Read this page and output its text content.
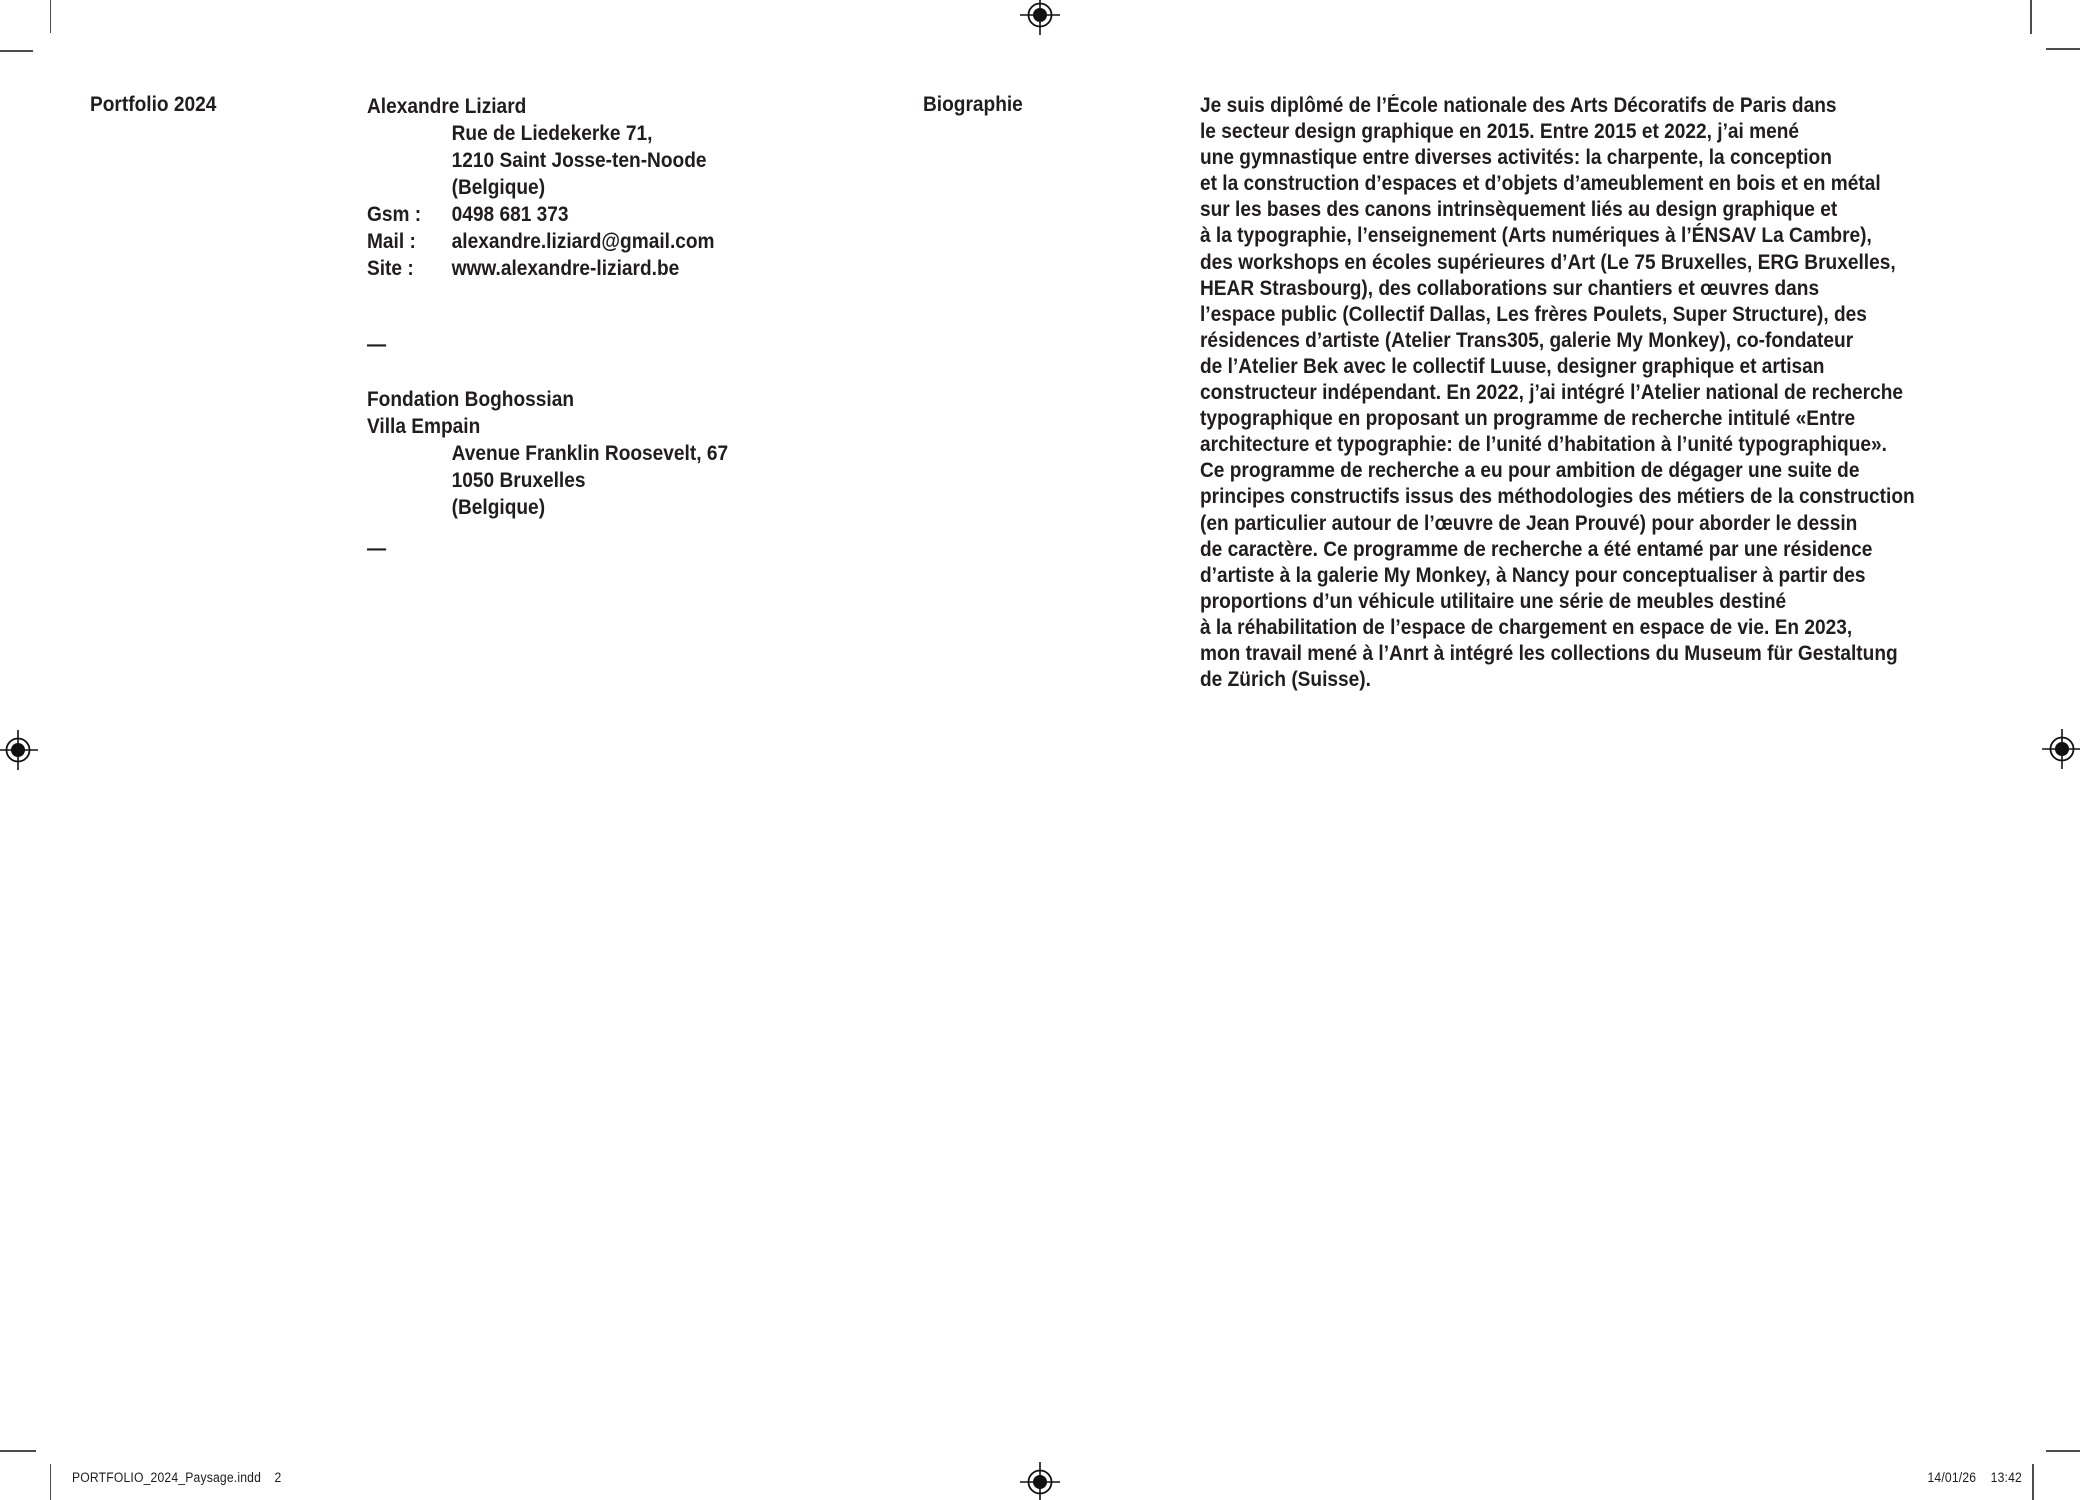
Portfolio 2024	Alexandre Liziard
Rue de Liedekerke 71,
1210 Saint Josse-ten-Noode
(Belgique)
Gsm : 0498 681 373
Mail : alexandre.liziard@gmail.com
Site : www.alexandre-liziard.be
—
Fondation Boghossian
Villa Empain
Avenue Franklin Roosevelt, 67
1050 Bruxelles
(Belgique)
—
Biographie	Je suis diplômé de l’École nationale des Arts Décoratifs de Paris dans
le secteur design graphique en 2015. Entre 2015 et 2022, j’ai mené
une gymnastique entre diverses activités: la charpente, la conception
et la construction d’espaces et d’objets d’ameublement en bois et en métal
sur les bases des canons intrinsèquement liés au design graphique et
à la typographie, l’enseignement (Arts numériques à l’ÉNSAV La Cambre),
des workshops en écoles supérieures d’Art (Le 75 Bruxelles, ERG Bruxelles,
HEAR Strasbourg), des collaborations sur chantiers et œuvres dans
l’espace public (Collectif Dallas, Les frères Poulets, Super Structure), des
résidences d’artiste (Atelier Trans305, galerie My Monkey), co-fondateur
de l’Atelier Bek avec le collectif Luuse, designer graphique et artisan
constructeur indépendant. En 2022, j’ai intégré l’Atelier national de recherche
typographique en proposant un programme de recherche intitulé «Entre
architecture et typographie: de l’unité d’habitation à l’unité typographique».
Ce programme de recherche a eu pour ambition de dégager une suite de
principes constructifs issus des méthodologies des métiers de la construction
(en particulier autour de l’œuvre de Jean Prouvé) pour aborder le dessin
de caractère. Ce programme de recherche a été entamé par une résidence
d’artiste à la galerie My Monkey, à Nancy pour conceptualiser à partir des
proportions d’un véhicule utilitaire une série de meubles destiné
à la réhabilitation de l’espace de chargement en espace de vie. En 2023,
mon travail mené à l’Anrt à intégré les collections du Museum für Gestaltung
de Zürich (Suisse).
PORTFOLIO_2024_Paysage.indd 2	14/01/26 13:42
